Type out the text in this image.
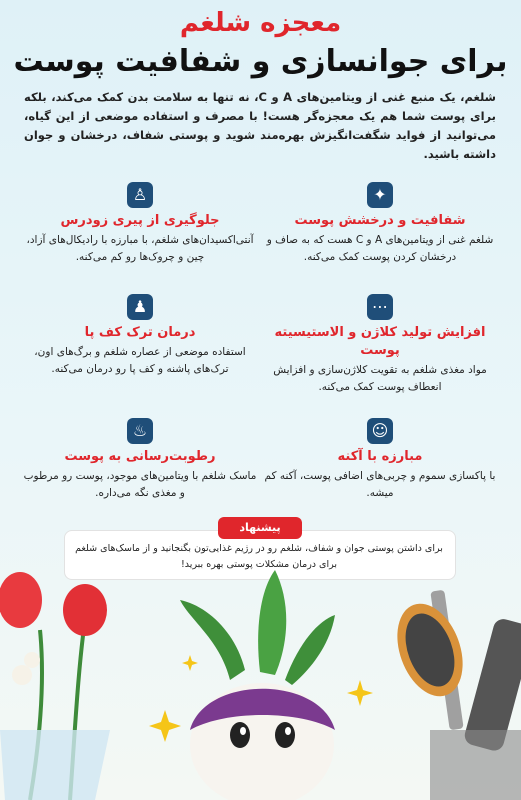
معجزه شلغم
برای جوانسازی و شفافیت پوست
شلغم، یک منبع غنی از ویتامین‌های A و C، نه تنها به سلامت بدن کمک می‌کند، بلکه برای پوست شما هم یک معجزه‌گر هست! با مصرف و استفاده موضعی از این گیاه، می‌توانید از فواید شگفت‌انگیزش بهره‌مند شوید و پوستی شفاف، درخشان و جوان داشته باشید.
✦
شفافیت و درخشش پوست
شلغم غنی از ویتامین‌های A و C هست که به صاف و درخشان کردن پوست کمک می‌کنه.
♙
جلوگیری از پیری زودرس
آنتی‌اکسیدان‌های شلغم، با مبارزه با رادیکال‌های آزاد، چین و چروک‌ها رو کم می‌کنه.
⋯
افزایش تولید کلاژن و الاستیسیته پوست
مواد مغذی شلغم به تقویت کلاژن‌سازی و افزایش انعطاف پوست کمک می‌کنه.
♟
درمان ترک کف پا
استفاده موضعی از عصاره شلغم و برگ‌های اون، ترک‌های پاشنه و کف پا رو درمان می‌کنه.
☺
مبارزه با آکنه
با پاکسازی سموم و چربی‌های اضافی پوست، آکنه کم میشه.
♨
رطوبت‌رسانی به پوست
ماسک شلغم با ویتامین‌های موجود، پوست رو مرطوب و مغذی نگه می‌داره.
پیشنهاد
برای داشتن پوستی جوان و شفاف، شلغم رو در رژیم غذایی‌تون بگنجانید و از ماسک‌های شلغم برای درمان مشکلات پوستی بهره ببرید!
